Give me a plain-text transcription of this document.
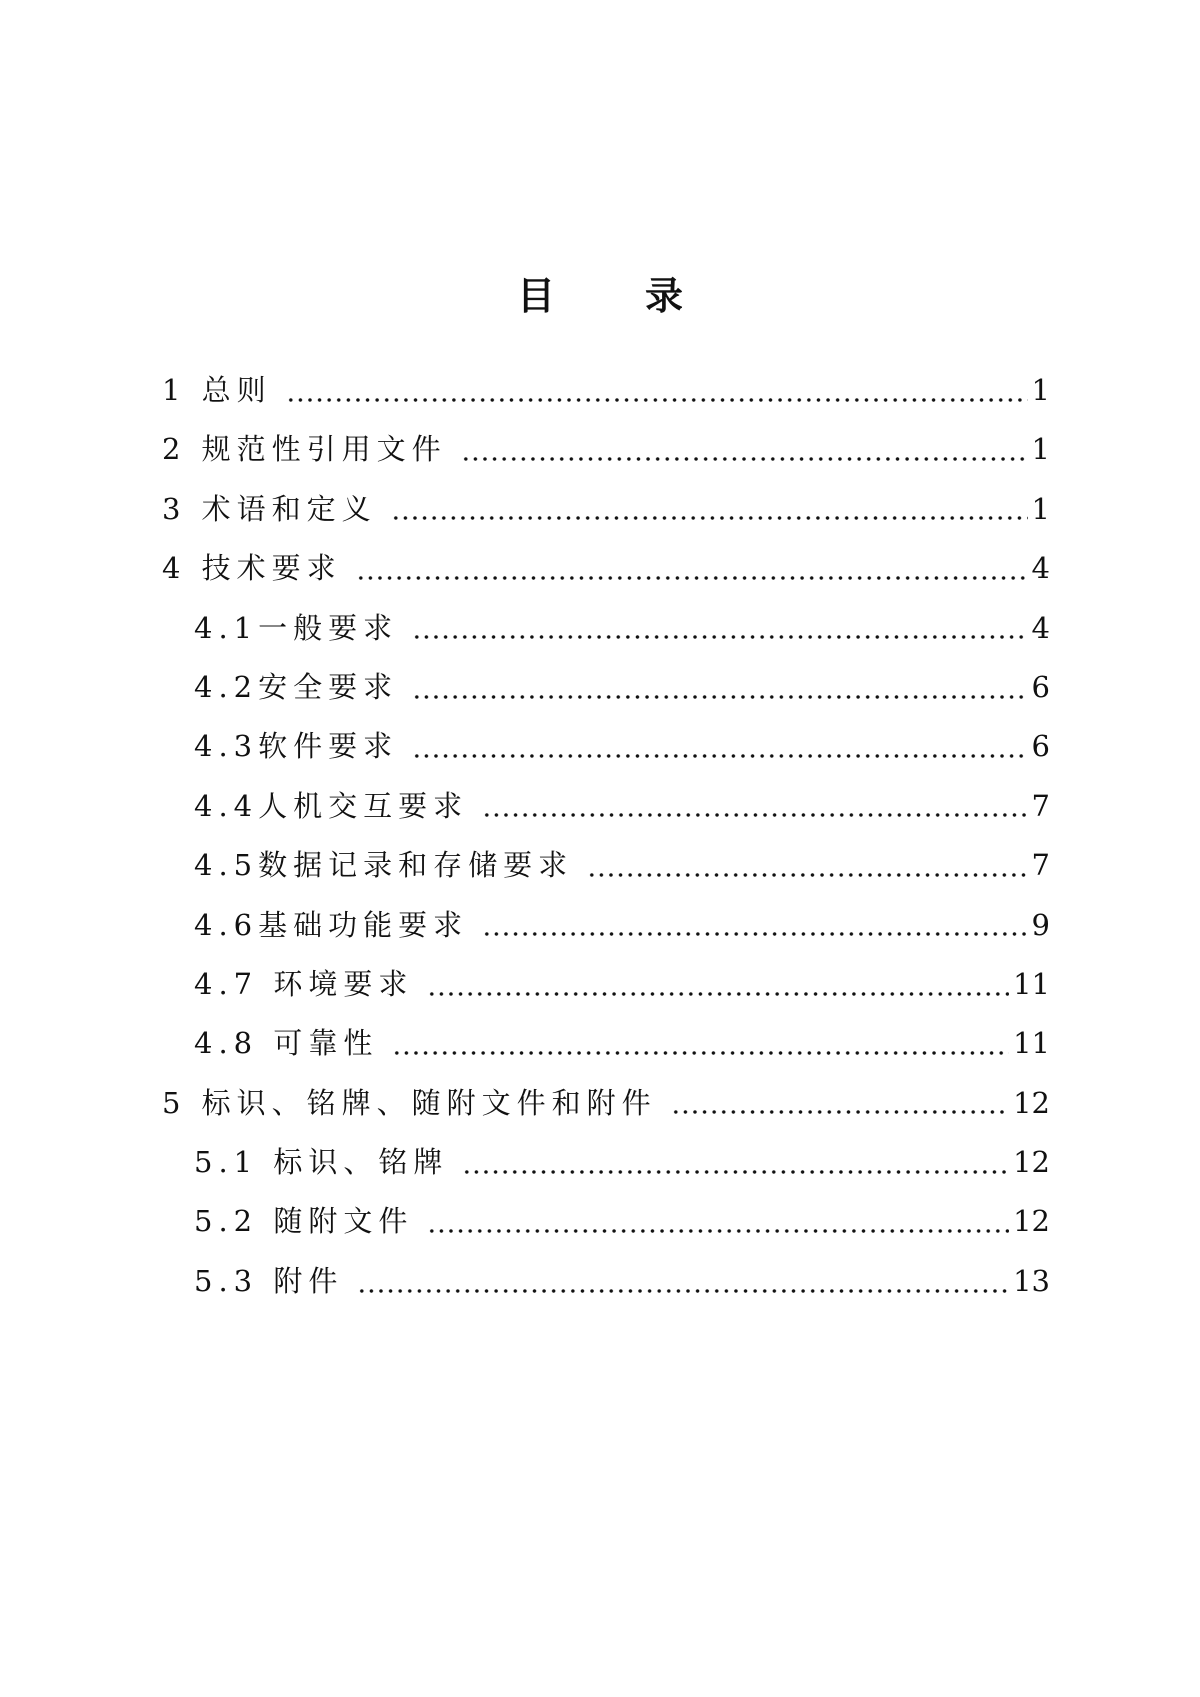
目 录
1 总则	1
2 规范性引用文件	1
3 术语和定义	1
4 技术要求	4
4.1一般要求	4
4.2安全要求	6
4.3软件要求	6
4.4人机交互要求	7
4.5数据记录和存储要求	7
4.6基础功能要求	9
4.7 环境要求	11
4.8 可靠性	11
5 标识、铭牌、随附文件和附件	12
5.1 标识、铭牌	12
5.2 随附文件	12
5.3 附件	13
